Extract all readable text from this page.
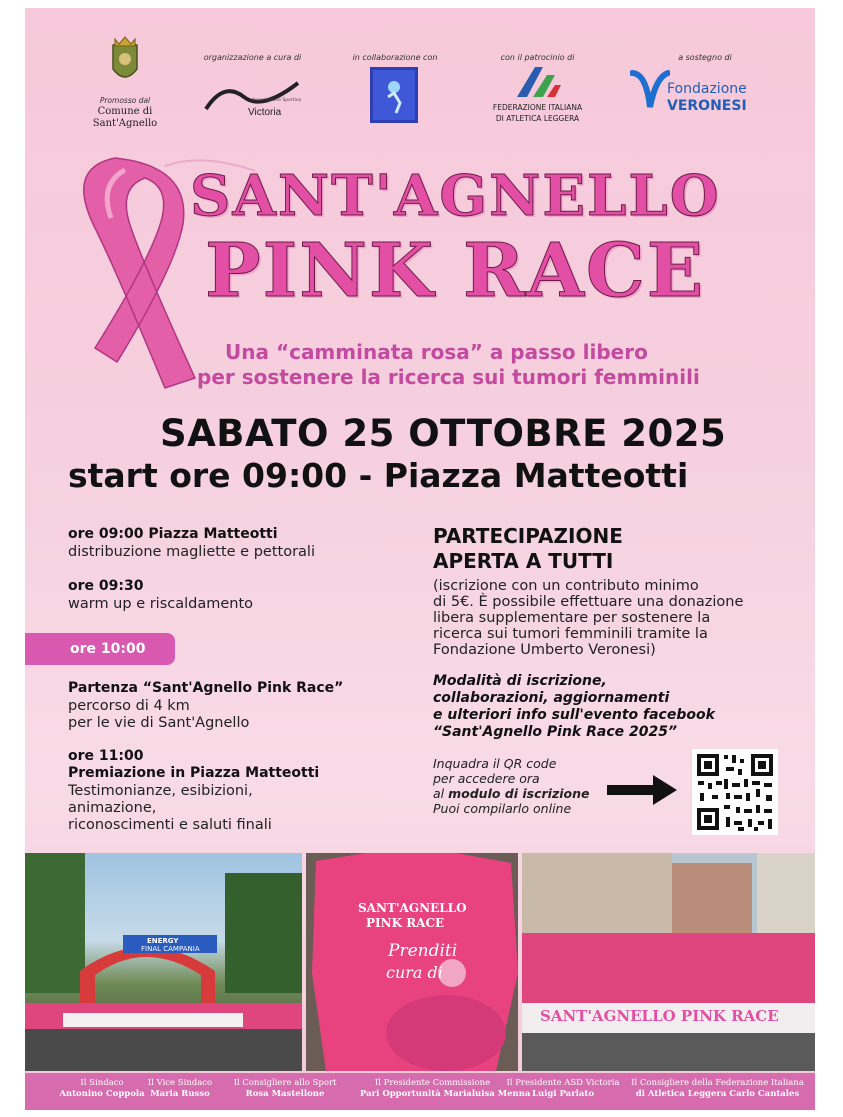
Promosso dal
Comune di
Sant'Agnello
organizzazione a cura di
Victoria
Associazione Sportiva
in collaborazione con	con il patrocinio di
FEDERAZIONE ITALIANA
DI ATLETICA LEGGERA
a sostegno di
Fondazione
VERONESI
SANT'AGNELLO
PINK RACE
Una “camminata rosa” a passo libero
per sostenere la ricerca sui tumori femminili
SABATO 25 OTTOBRE 2025
start ore 09:00 - Piazza Matteotti
ore 09:00 Piazza Matteotti
distribuzione magliette e pettorali
ore 09:30
warm up e riscaldamento
ore 10:00
Partenza “Sant'Agnello Pink Race”
percorso di 4 km
per le vie di Sant'Agnello
ore 11:00
Premiazione in Piazza Matteotti
Testimonianze, esibizioni,
animazione,
riconoscimenti e saluti finali
PARTECIPAZIONE
APERTA A TUTTI
(iscrizione con un contributo minimo
di 5€. È possibile effettuare una donazione
libera supplementare per sostenere la
ricerca sui tumori femminili tramite la
Fondazione Umberto Veronesi)
Modalità di iscrizione,
collaborazioni, aggiornamenti
e ulteriori info sull'evento facebook
“Sant'Agnello Pink Race 2025”
Inquadra il QR code
per accedere ora
al modulo di iscrizione
Puoi compilarlo online
ENERGY
FINAL CAMPANIA
SANT'AGNELLO
PINK RACE
Prenditi
cura di
SANT'AGNELLO PINK RACE
Il Sindaco
Antonino Coppola
Il Vice Sindaco
Maria Russo
Il Consigliere allo Sport
Rosa Mastellone
Il Presidente Commissione
Pari Opportunità Marialuisa Menna
Il Presidente ASD Victoria
Luigi Parlato
Il Consigliere della Federazione Italiana
di Atletica Leggera Carlo Cantales
